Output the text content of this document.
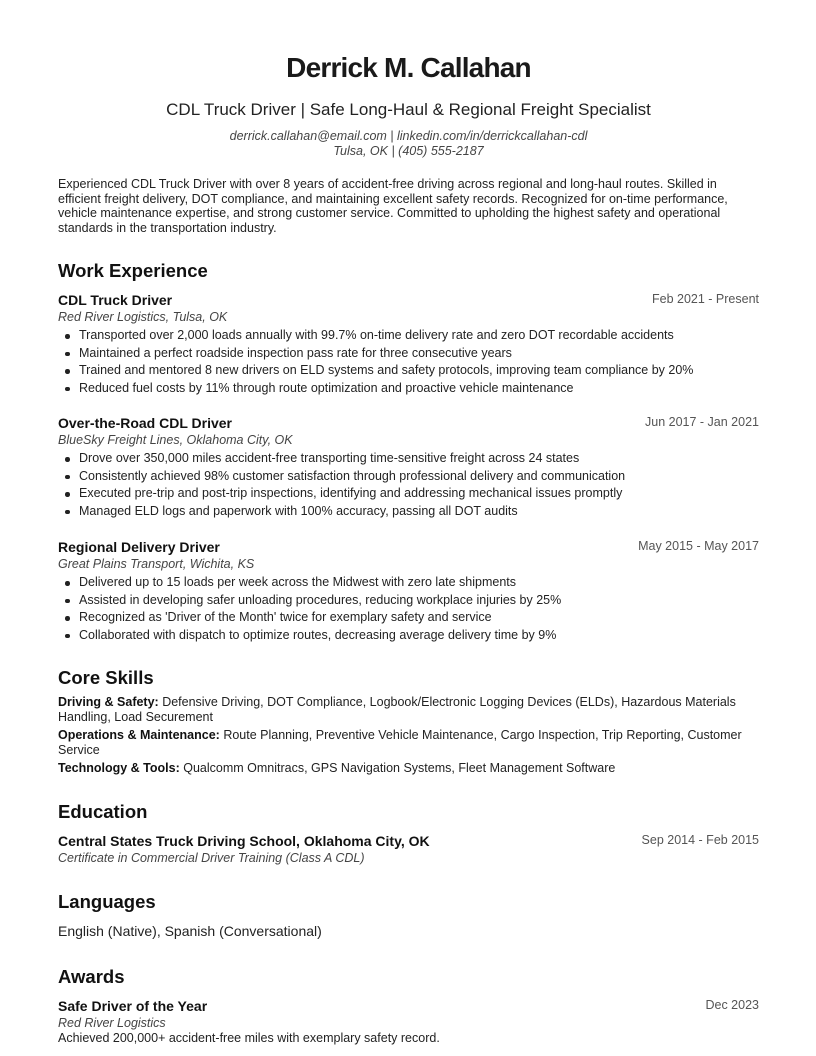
Derrick M. Callahan
CDL Truck Driver | Safe Long-Haul & Regional Freight Specialist
derrick.callahan@email.com | linkedin.com/in/derrickcallahan-cdl
Tulsa, OK | (405) 555-2187
Experienced CDL Truck Driver with over 8 years of accident-free driving across regional and long-haul routes. Skilled in efficient freight delivery, DOT compliance, and maintaining excellent safety records. Recognized for on-time performance, vehicle maintenance expertise, and strong customer service. Committed to upholding the highest safety and operational standards in the transportation industry.
Work Experience
CDL Truck Driver	Feb 2021 - Present
Red River Logistics, Tulsa, OK
Transported over 2,000 loads annually with 99.7% on-time delivery rate and zero DOT recordable accidents
Maintained a perfect roadside inspection pass rate for three consecutive years
Trained and mentored 8 new drivers on ELD systems and safety protocols, improving team compliance by 20%
Reduced fuel costs by 11% through route optimization and proactive vehicle maintenance
Over-the-Road CDL Driver	Jun 2017 - Jan 2021
BlueSky Freight Lines, Oklahoma City, OK
Drove over 350,000 miles accident-free transporting time-sensitive freight across 24 states
Consistently achieved 98% customer satisfaction through professional delivery and communication
Executed pre-trip and post-trip inspections, identifying and addressing mechanical issues promptly
Managed ELD logs and paperwork with 100% accuracy, passing all DOT audits
Regional Delivery Driver	May 2015 - May 2017
Great Plains Transport, Wichita, KS
Delivered up to 15 loads per week across the Midwest with zero late shipments
Assisted in developing safer unloading procedures, reducing workplace injuries by 25%
Recognized as 'Driver of the Month' twice for exemplary safety and service
Collaborated with dispatch to optimize routes, decreasing average delivery time by 9%
Core Skills
Driving & Safety: Defensive Driving, DOT Compliance, Logbook/Electronic Logging Devices (ELDs), Hazardous Materials Handling, Load Securement
Operations & Maintenance: Route Planning, Preventive Vehicle Maintenance, Cargo Inspection, Trip Reporting, Customer Service
Technology & Tools: Qualcomm Omnitracs, GPS Navigation Systems, Fleet Management Software
Education
Central States Truck Driving School, Oklahoma City, OK	Sep 2014 - Feb 2015
Certificate in Commercial Driver Training (Class A CDL)
Languages
English (Native), Spanish (Conversational)
Awards
Safe Driver of the Year	Dec 2023
Red River Logistics
Achieved 200,000+ accident-free miles with exemplary safety record.
